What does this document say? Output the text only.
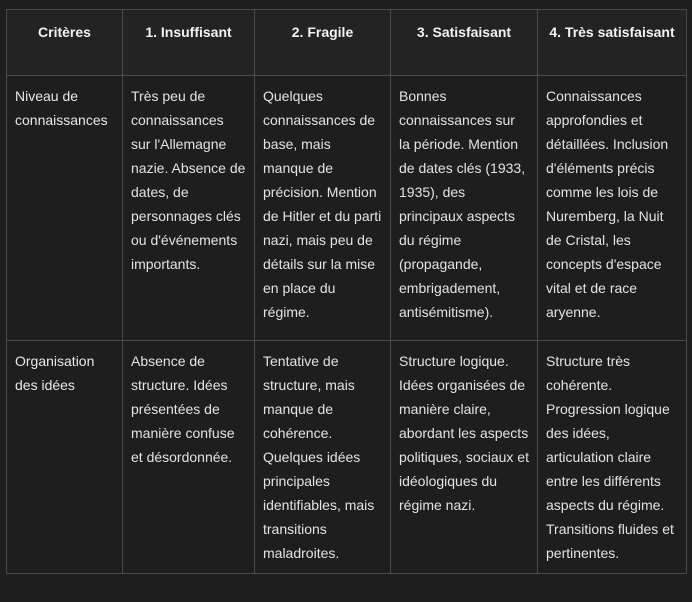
Critères	1. Insuffisant	2. Fragile	3. Satisfaisant	4. Très satisfaisant
Niveau de connaissances	Très peu de connaissances sur l'Allemagne nazie. Absence de dates, de personnages clés ou d'événements importants.	Quelques connaissances de base, mais manque de précision. Mention de Hitler et du parti nazi, mais peu de détails sur la mise en place du régime.	Bonnes connaissances sur la période. Mention de dates clés (1933, 1935), des principaux aspects du régime (propagande, embrigadement, antisémitisme).	Connaissances approfondies et détaillées. Inclusion d'éléments précis comme les lois de Nuremberg, la Nuit de Cristal, les concepts d'espace vital et de race aryenne.
Organisation des idées	Absence de structure. Idées présentées de manière confuse et désordonnée.	Tentative de structure, mais manque de cohérence. Quelques idées principales identifiables, mais transitions maladroites.	Structure logique. Idées organisées de manière claire, abordant les aspects politiques, sociaux et idéologiques du régime nazi.	Structure très cohérente. Progression logique des idées, articulation claire entre les différents aspects du régime. Transitions fluides et pertinentes.
